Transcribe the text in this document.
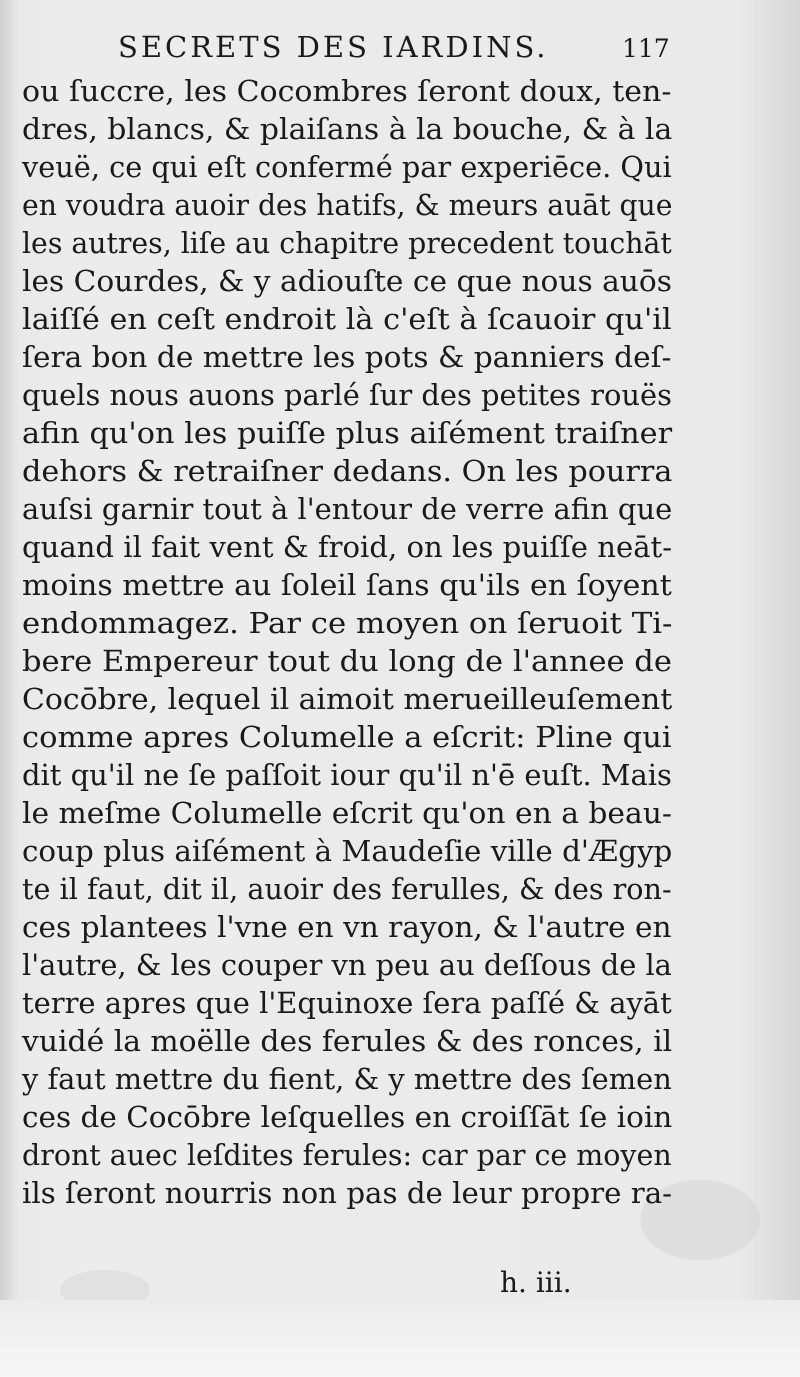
SECRETS DES IARDINS.	117
ou ſuccre, les Cocombres ſeront doux, ten-
dres, blancs, & plaiſans à la bouche, & à la
veuë, ce qui eſt confermé par experiēce. Qui
en voudra auoir des hatifs, & meurs auāt que
les autres, liſe au chapitre precedent touchāt
les Courdes, & y adiouſte ce que nous auōs
laiſſé en ceſt endroit là c'eſt à ſcauoir qu'il
ſera bon de mettre les pots & panniers deſ-
quels nous auons parlé ſur des petites rouës
afin qu'on les puiſſe plus aiſément traiſner
dehors & retraiſner dedans. On les pourra
auſsi garnir tout à l'entour de verre afin que
quand il fait vent & froid, on les puiſſe neāt-
moins mettre au ſoleil ſans qu'ils en ſoyent
endommagez. Par ce moyen on ſeruoit Ti-
bere Empereur tout du long de l'annee de
Cocōbre, lequel il aimoit merueilleuſement
comme apres Columelle a eſcrit: Pline qui
dit qu'il ne ſe paſſoit iour qu'il n'ē euſt. Mais
le meſme Columelle eſcrit qu'on en a beau-
coup plus aiſément à Maudeſie ville d'Ægyp
te il faut, dit il, auoir des ferulles, & des ron-
ces plantees l'vne en vn rayon, & l'autre en
l'autre, & les couper vn peu au deſſous de la
terre apres que l'Equinoxe ſera paſſé & ayāt
vuidé la moëlle des ferules & des ronces, il
y faut mettre du fient, & y mettre des ſemen
ces de Cocōbre leſquelles en croiſſāt ſe ioin
dront auec leſdites ferules: car par ce moyen
ils ſeront nourris non pas de leur propre ra-
h. iii.
